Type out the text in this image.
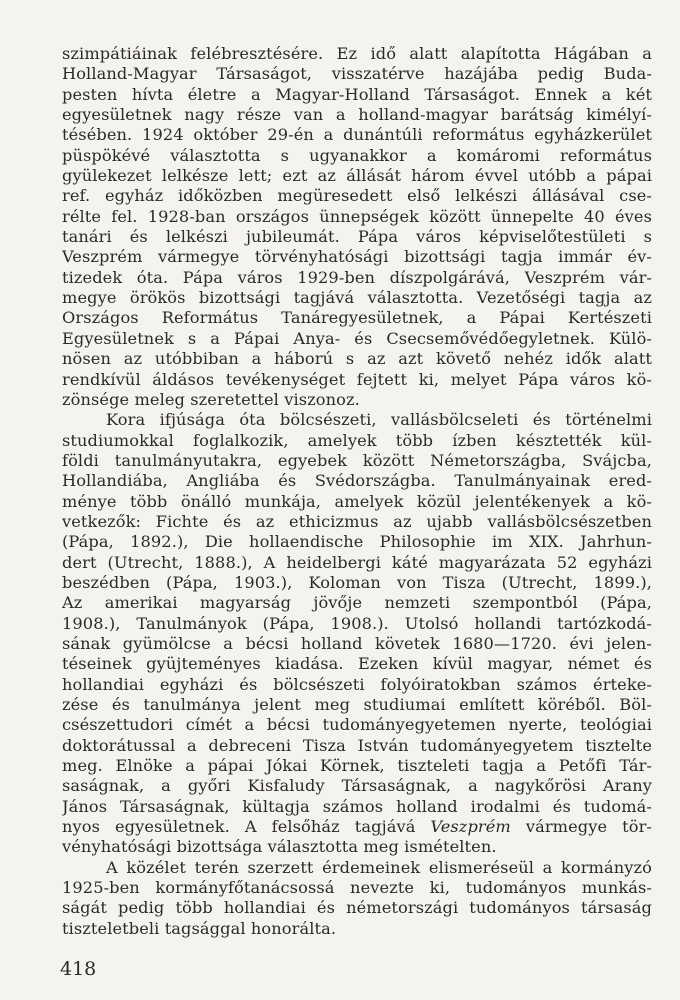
szimpátiáinak felébresztésére. Ez idő alatt alapította Hágában a
Holland-Magyar Társaságot, visszatérve hazájába pedig Buda-
pesten hívta életre a Magyar-Holland Társaságot. Ennek a két
egyesületnek nagy része van a holland-magyar barátság kimélyí-
tésében. 1924 október 29-én a dunántúli református egyházkerület
püspökévé választotta s ugyanakkor a komáromi református
gyülekezet lelkésze lett; ezt az állását három évvel utóbb a pápai
ref. egyház időközben megüresedett első lelkészi állásával cse-
rélte fel. 1928-ban országos ünnepségek között ünnepelte 40 éves
tanári és lelkészi jubileumát. Pápa város képviselőtestületi s
Veszprém vármegye törvényhatósági bizottsági tagja immár év-
tizedek óta. Pápa város 1929-ben díszpolgárává, Veszprém vár-
megye örökös bizottsági tagjává választotta. Vezetőségi tagja az
Országos Református Tanáregyesületnek, a Pápai Kertészeti
Egyesületnek s a Pápai Anya- és Csecsemővédőegyletnek. Külö-
nösen az utóbbiban a háború s az azt követő nehéz idők alatt
rendkívül áldásos tevékenységet fejtett ki, melyet Pápa város kö-
zönsége meleg szeretettel viszonoz.
Kora ifjúsága óta bölcsészeti, vallásbölcseleti és történelmi
studiumokkal foglalkozik, amelyek több ízben késztették kül-
földi tanulmányutakra, egyebek között Németországba, Svájcba,
Hollandiába, Angliába és Svédországba. Tanulmányainak ered-
ménye több önálló munkája, amelyek közül jelentékenyek a kö-
vetkezők: Fichte és az ethicizmus az ujabb vallásbölcsészetben
(Pápa, 1892.), Die hollaendische Philosophie im XIX. Jahrhun-
dert (Utrecht, 1888.), A heidelbergi káté magyarázata 52 egyházi
beszédben (Pápa, 1903.), Koloman von Tisza (Utrecht, 1899.),
Az amerikai magyarság jövője nemzeti szempontból (Pápa,
1908.), Tanulmányok (Pápa, 1908.). Utolsó hollandi tartózkodá-
sának gyümölcse a bécsi holland követek 1680—1720. évi jelen-
téseinek gyüjteményes kiadása. Ezeken kívül magyar, német és
hollandiai egyházi és bölcsészeti folyóiratokban számos érteke-
zése és tanulmánya jelent meg studiumai említett köréből. Böl-
csészettudori címét a bécsi tudományegyetemen nyerte, teológiai
doktorátussal a debreceni Tisza István tudományegyetem tisztelte
meg. Elnöke a pápai Jókai Körnek, tiszteleti tagja a Petőfi Tár-
saságnak, a győri Kisfaludy Társaságnak, a nagykőrösi Arany
János Társaságnak, kültagja számos holland irodalmi és tudomá-
nyos egyesületnek. A felsőház tagjává Veszprém vármegye tör-
vényhatósági bizottsága választotta meg ismételten.
A közélet terén szerzett érdemeinek elismeréseül a kormányzó
1925-ben kormányfőtanácsossá nevezte ki, tudományos munkás-
ságát pedig több hollandiai és németországi tudományos társaság
tiszteletbeli tagsággal honorálta.
418
